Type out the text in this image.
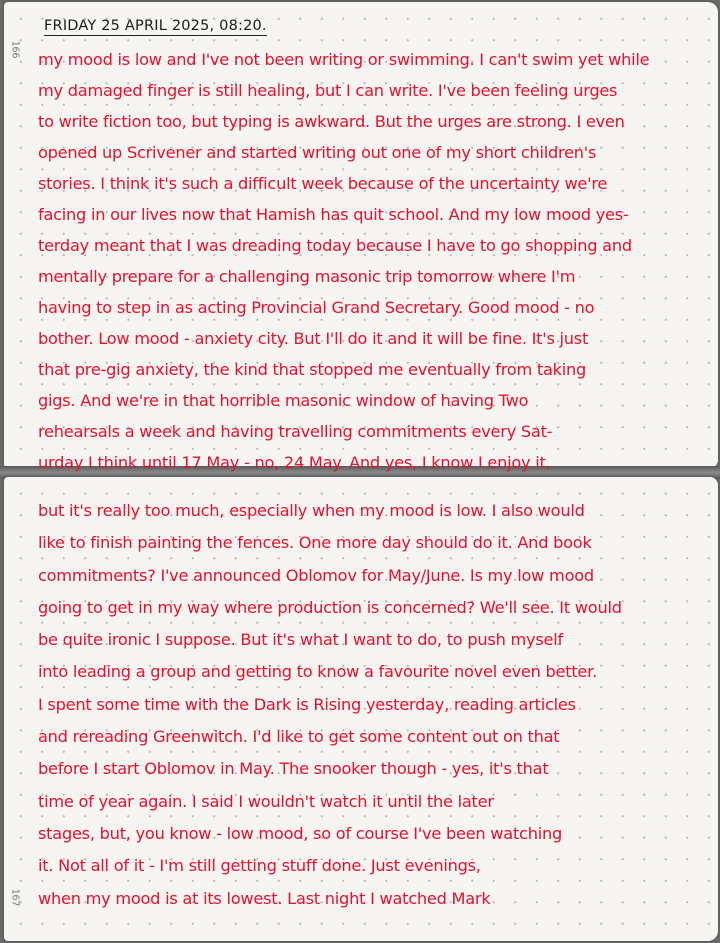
166
167
FRIDAY 25 APRIL 2025, 08:20.
my mood is low and I've not been writing or swimming. I can't swim yet while
my damaged finger is still healing, but I can write. I've been feeling urges
to write fiction too, but typing is awkward. But the urges are strong. I even
opened up Scrivener and started writing out one of my short children's
stories. I think it's such a difficult week because of the uncertainty we're
facing in our lives now that Hamish has quit school. And my low mood yes-
terday meant that I was dreading today because I have to go shopping and
mentally prepare for a challenging masonic trip tomorrow where I'm
having to step in as acting Provincial Grand Secretary. Good mood - no
bother. Low mood - anxiety city. But I'll do it and it will be fine. It's just
that pre-gig anxiety, the kind that stopped me eventually from taking
gigs. And we're in that horrible masonic window of having Two
rehearsals a week and having travelling commitments every Sat-
urday I think until 17 May - no, 24 May. And yes, I know I enjoy it,
but it's really too much, especially when my mood is low. I also would
like to finish painting the fences. One more day should do it. And book
commitments? I've announced Oblomov for May/June. Is my low mood
going to get in my way where production is concerned? We'll see. It would
be quite ironic I suppose. But it's what I want to do, to push myself
into leading a group and getting to know a favourite novel even better.
I spent some time with the Dark is Rising yesterday, reading articles
and rereading Greenwitch. I'd like to get some content out on that
before I start Oblomov in May. The snooker though - yes, it's that
time of year again. I said I wouldn't watch it until the later
stages, but, you know - low mood, so of course I've been watching
it. Not all of it - I'm still getting stuff done. Just evenings,
when my mood is at its lowest. Last night I watched Mark
